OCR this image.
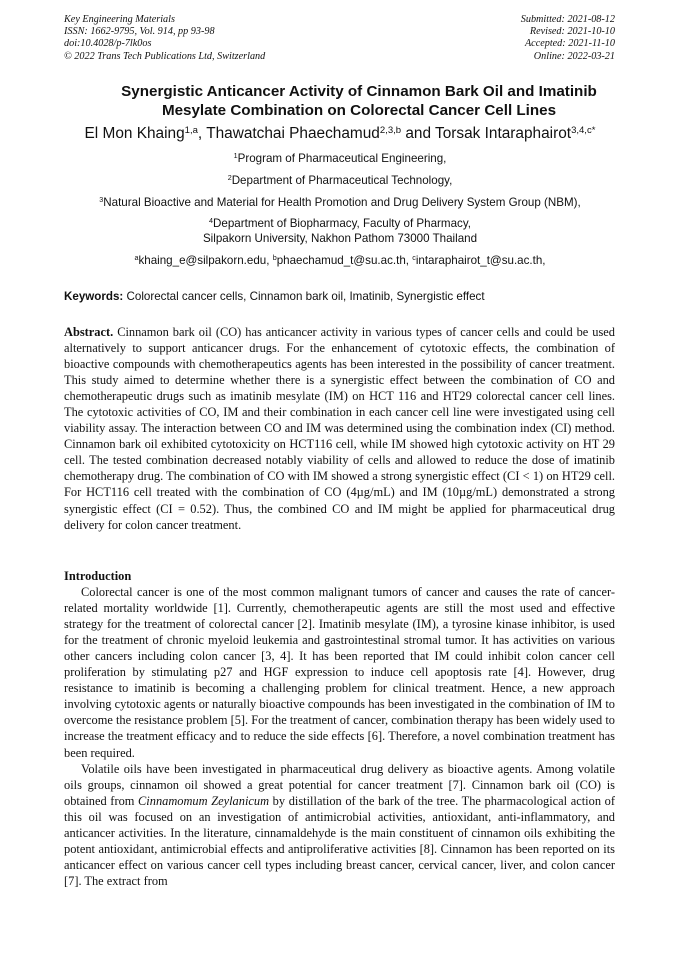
Key Engineering Materials
ISSN: 1662-9795, Vol. 914, pp 93-98
doi:10.4028/p-7lk0os
© 2022 Trans Tech Publications Ltd, Switzerland
Submitted: 2021-08-12
Revised: 2021-10-10
Accepted: 2021-11-10
Online: 2022-03-21
Synergistic Anticancer Activity of Cinnamon Bark Oil and Imatinib
Mesylate Combination on Colorectal Cancer Cell Lines
El Mon Khaing$^{1,a}$, Thawatchai Phaechamud$^{2,3,b}$ and Torsak Intaraphairot$^{3,4,c*}$
$^1$Program of Pharmaceutical Engineering,
$^2$Department of Pharmaceutical Technology,
$^3$Natural Bioactive and Material for Health Promotion and Drug Delivery System Group (NBM),
$^4$Department of Biopharmacy, Faculty of Pharmacy,
Silpakorn University, Nakhon Pathom 73000 Thailand
$^a$khaing_e@silpakorn.edu, $^b$phaechamud_t@su.ac.th, $^c$intaraphairot_t@su.ac.th,
Keywords: Colorectal cancer cells, Cinnamon bark oil, Imatinib, Synergistic effect

Abstract. Cinnamon bark oil (CO) has anticancer activity in various types of cancer cells and could be used alternatively to support anticancer drugs. For the enhancement of cytotoxic effects, the combination of bioactive compounds with chemotherapeutics agents has been interested in the possibility of cancer treatment. This study aimed to determine whether there is a synergistic effect between the combination of CO and chemotherapeutic drugs such as imatinib mesylate (IM) on HCT 116 and HT29 colorectal cancer cell lines. The cytotoxic activities of CO, IM and their combination in each cancer cell line were investigated using cell viability assay. The interaction between CO and IM was determined using the combination index (CI) method. Cinnamon bark oil exhibited cytotoxicity on HCT116 cell, while IM showed high cytotoxic activity on HT 29 cell. The tested combination decreased notably viability of cells and allowed to reduce the dose of imatinib chemotherapy drug. The combination of CO with IM showed a strong synergistic effect (CI < 1) on HT29 cell. For HCT116 cell treated with the combination of CO (4µg/mL) and IM (10µg/mL) demonstrated a strong synergistic effect (CI = 0.52). Thus, the combined CO and IM might be applied for pharmaceutical drug delivery for colon cancer treatment.

Introduction

Colorectal cancer is one of the most common malignant tumors of cancer and causes the rate of cancer-related mortality worldwide [1]. Currently, chemotherapeutic agents are still the most used and effective strategy for the treatment of colorectal cancer [2]. Imatinib mesylate (IM), a tyrosine kinase inhibitor, is used for the treatment of chronic myeloid leukemia and gastrointestinal stromal tumor. It has activities on various other cancers including colon cancer [3, 4]. It has been reported that IM could inhibit colon cancer cell proliferation by stimulating p27 and HGF expression to induce cell apoptosis rate [4]. However, drug resistance to imatinib is becoming a challenging problem for clinical treatment. Hence, a new approach involving cytotoxic agents or naturally bioactive compounds has been investigated in the combination of IM to overcome the resistance problem [5]. For the treatment of cancer, combination therapy has been widely used to increase the treatment efficacy and to reduce the side effects [6]. Therefore, a novel combination treatment has been required.

Volatile oils have been investigated in pharmaceutical drug delivery as bioactive agents. Among volatile oils groups, cinnamon oil showed a great potential for cancer treatment [7]. Cinnamon bark oil (CO) is obtained from Cinnamomum Zeylanicum by distillation of the bark of the tree. The pharmacological action of this oil was focused on an investigation of antimicrobial activities, antioxidant, anti-inflammatory, and anticancer activities. In the literature, cinnamaldehyde is the main constituent of cinnamon oils exhibiting the potent antioxidant, antimicrobial effects and antiproliferative activities [8]. Cinnamon has been reported on its anticancer effect on various cancer cell types including breast cancer, cervical cancer, liver, and colon cancer [7]. The extract from
